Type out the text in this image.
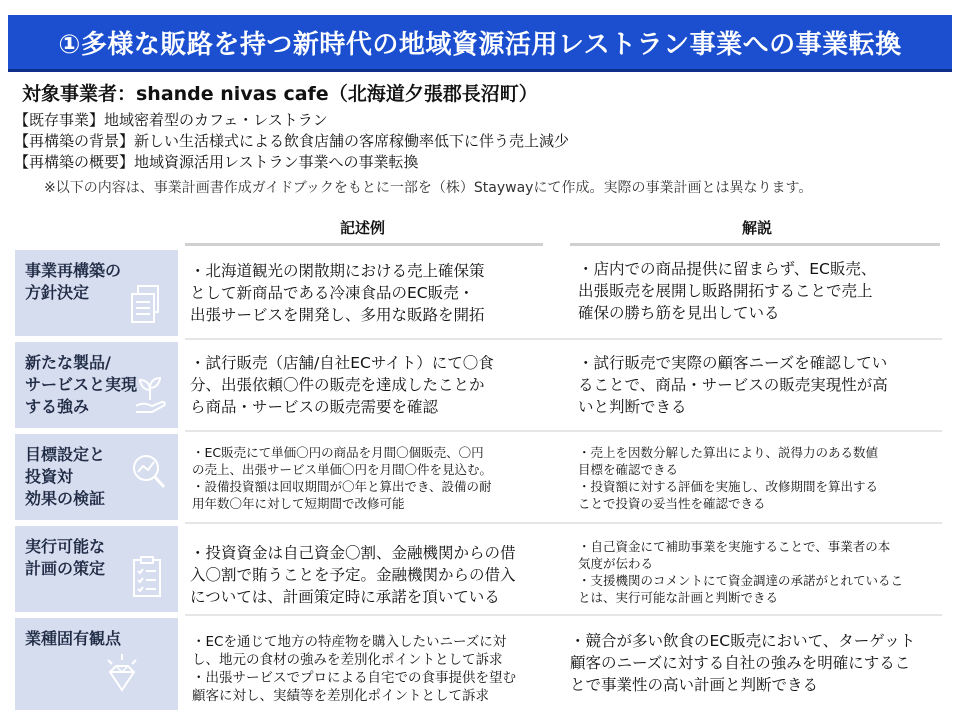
①多様な販路を持つ新時代の地域資源活用レストラン事業への事業転換
対象事業者：shande nivas cafe（北海道夕張郡長沼町）
【既存事業】地域密着型のカフェ・レストラン
【再構築の背景】新しい生活様式による飲食店舗の客席稼働率低下に伴う売上減少
【再構築の概要】地域資源活用レストラン事業への事業転換
※以下の内容は、事業計画書作成ガイドブックをもとに一部を（株）Staywayにて作成。実際の事業計画とは異なります。
記述例	解説
事業再構築の
方針決定
・北海道観光の閑散期における売上確保策
として新商品である冷凍食品のEC販売・
出張サービスを開発し、多用な販路を開拓
・店内での商品提供に留まらず、EC販売、
出張販売を展開し販路開拓することで売上
確保の勝ち筋を見出している
新たな製品/
サービスと実現
する強み
・試行販売（店舗/自社ECサイト）にて〇食
分、出張依頼〇件の販売を達成したことか
ら商品・サービスの販売需要を確認
・試行販売で実際の顧客ニーズを確認してい
ることで、商品・サービスの販売実現性が高
いと判断できる
目標設定と
投資対
効果の検証
・EC販売にて単価〇円の商品を月間〇個販売、〇円
の売上、出張サービス単価〇円を月間〇件を見込む。
・設備投資額は回収期間が〇年と算出でき、設備の耐
用年数〇年に対して短期間で改修可能
・売上を因数分解した算出により、説得力のある数値
目標を確認できる
・投資額に対する評価を実施し、改修期間を算出する
ことで投資の妥当性を確認できる
実行可能な
計画の策定
・投資資金は自己資金〇割、金融機関からの借
入〇割で賄うことを予定。金融機関からの借入
については、計画策定時に承諾を頂いている
・自己資金にて補助事業を実施することで、事業者の本
気度が伝わる
・支援機関のコメントにて資金調達の承諾がとれているこ
とは、実行可能な計画と判断できる
業種固有観点	・ECを通じて地方の特産物を購入したいニーズに対
し、地元の食材の強みを差別化ポイントとして訴求
・出張サービスでプロによる自宅での食事提供を望む
顧客に対し、実績等を差別化ポイントとして訴求
・競合が多い飲食のEC販売において、ターゲット
顧客のニーズに対する自社の強みを明確にするこ
とで事業性の高い計画と判断できる
